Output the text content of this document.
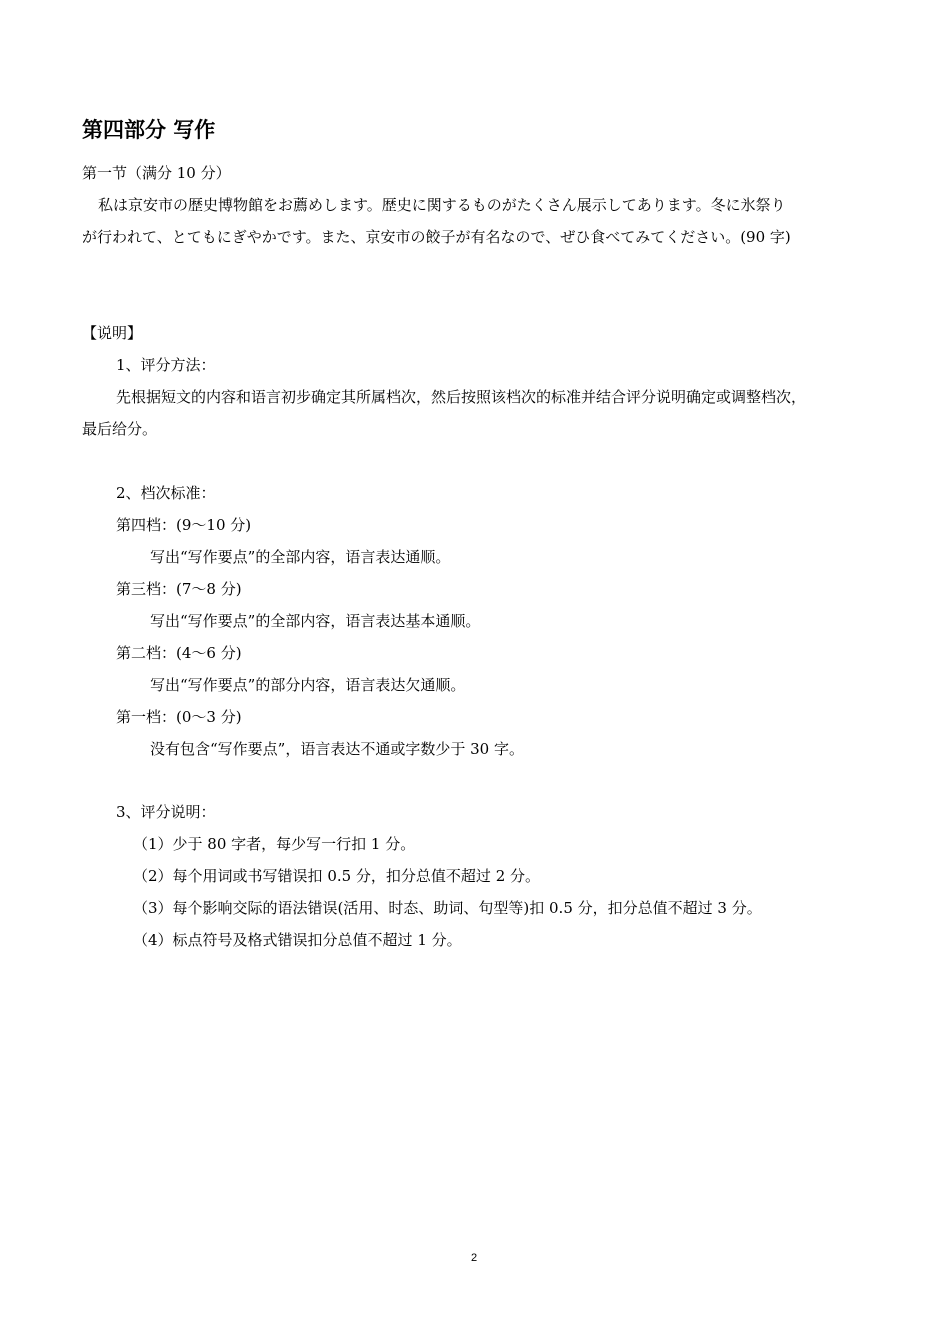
第四部分 写作
第一节（满分 10 分）
私は京安市の歴史博物館をお薦めします。歴史に関するものがたくさん展示してあります。冬に氷祭り
が行われて、とてもにぎやかです。また、京安市の餃子が有名なので、ぜひ食べてみてください。(90 字)
【说明】
1、评分方法：
先根据短文的内容和语言初步确定其所属档次，然后按照该档次的标准并结合评分说明确定或调整档次，
最后给分。
2、档次标准：
第四档：(9～10 分)
写出“写作要点”的全部内容，语言表达通顺。
第三档：(7～8 分)
写出“写作要点”的全部内容，语言表达基本通顺。
第二档：(4～6 分)
写出“写作要点”的部分内容，语言表达欠通顺。
第一档：(0～3 分)
没有包含“写作要点”，语言表达不通或字数少于 30 字。
3、评分说明：
（1）少于 80 字者，每少写一行扣 1 分。
（2）每个用词或书写错误扣 0.5 分，扣分总值不超过 2 分。
（3）每个影响交际的语法错误(活用、时态、助词、句型等)扣 0.5 分，扣分总值不超过 3 分。
（4）标点符号及格式错误扣分总值不超过 1 分。
2
